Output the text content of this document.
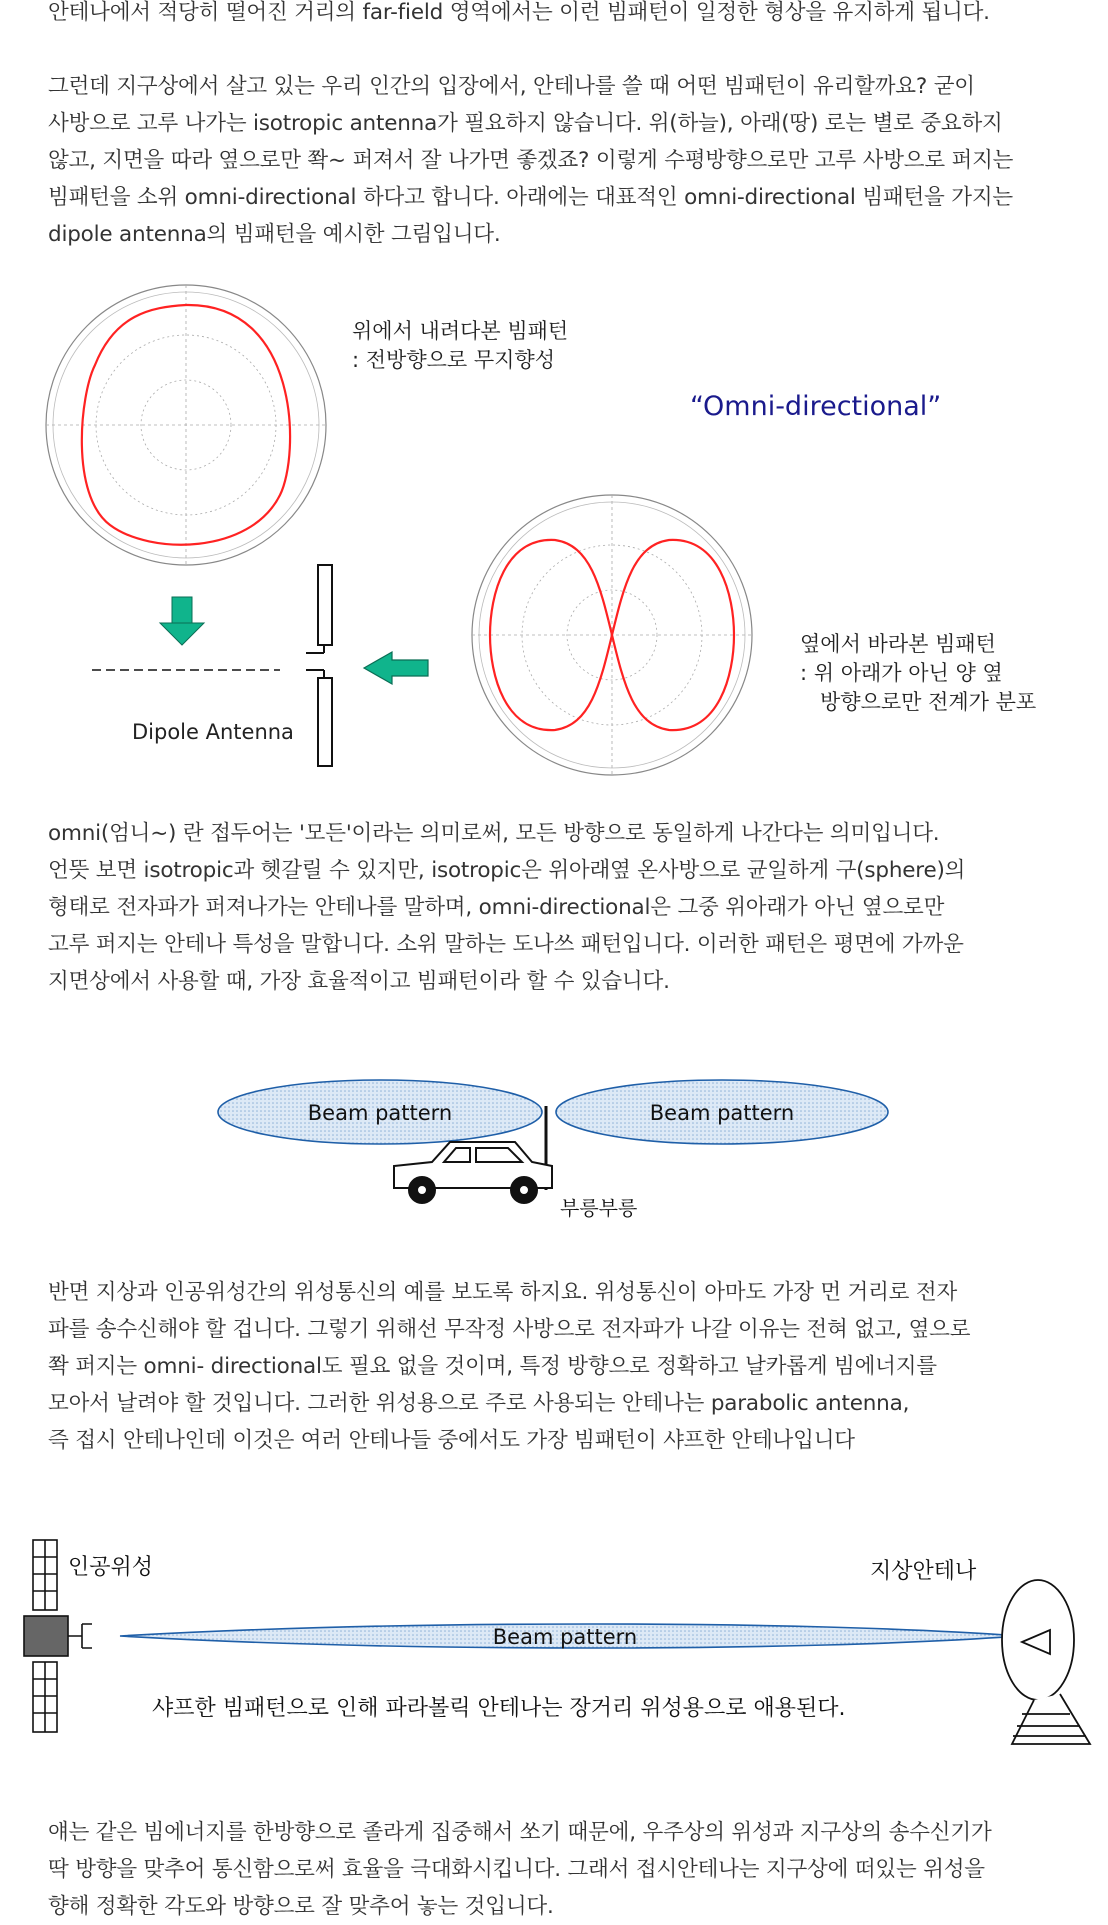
안테나에서 적당히 떨어진 거리의 far-field 영역에서는 이런 빔패턴이 일정한 형상을 유지하게 됩니다.
그런데 지구상에서 살고 있는 우리 인간의 입장에서, 안테나를 쓸 때 어떤 빔패턴이 유리할까요? 굳이
사방으로 고루 나가는 isotropic antenna가 필요하지 않습니다. 위(하늘), 아래(땅) 로는 별로 중요하지
않고, 지면을 따라 옆으로만 쫙~ 퍼져서 잘 나가면 좋겠죠? 이렇게 수평방향으로만 고루 사방으로 퍼지는
빔패턴을 소위 omni-directional 하다고 합니다. 아래에는 대표적인 omni-directional 빔패턴을 가지는
dipole antenna의 빔패턴을 예시한 그림입니다.
위에서 내려다본 빔패턴
: 전방향으로 무지향성
“Omni-directional”
Dipole Antenna
옆에서 바라본 빔패턴
: 위 아래가 아닌 양 옆
방향으로만 전계가 분포
omni(엄니~) 란 접두어는 '모든'이라는 의미로써, 모든 방향으로 동일하게 나간다는 의미입니다.
언뜻 보면 isotropic과 헷갈릴 수 있지만, isotropic은 위아래옆 온사방으로 균일하게 구(sphere)의
형태로 전자파가 퍼져나가는 안테나를 말하며, omni-directional은 그중 위아래가 아닌 옆으로만
고루 퍼지는 안테나 특성을 말합니다. 소위 말하는 도나쓰 패턴입니다. 이러한 패턴은 평면에 가까운
지면상에서 사용할 때, 가장 효율적이고 빔패턴이라 할 수 있습니다.
Beam pattern	Beam pattern
부릉부릉
반면 지상과 인공위성간의 위성통신의 예를 보도록 하지요. 위성통신이 아마도 가장 먼 거리로 전자
파를 송수신해야 할 겁니다. 그렇기 위해선 무작정 사방으로 전자파가 나갈 이유는 전혀 없고, 옆으로
쫙 퍼지는 omni- directional도 필요 없을 것이며, 특정 방향으로 정확하고 날카롭게 빔에너지를
모아서 날려야 할 것입니다. 그러한 위성용으로 주로 사용되는 안테나는 parabolic antenna,
즉 접시 안테나인데 이것은 여러 안테나들 중에서도 가장 빔패턴이 샤프한 안테나입니다
인공위성	지상안테나
Beam pattern
샤프한 빔패턴으로 인해 파라볼릭 안테나는 장거리 위성용으로 애용된다.
얘는 같은 빔에너지를 한방향으로 졸라게 집중해서 쏘기 때문에, 우주상의 위성과 지구상의 송수신기가
딱 방향을 맞추어 통신함으로써 효율을 극대화시킵니다. 그래서 접시안테나는 지구상에 떠있는 위성을
향해 정확한 각도와 방향으로 잘 맞추어 놓는 것입니다.
